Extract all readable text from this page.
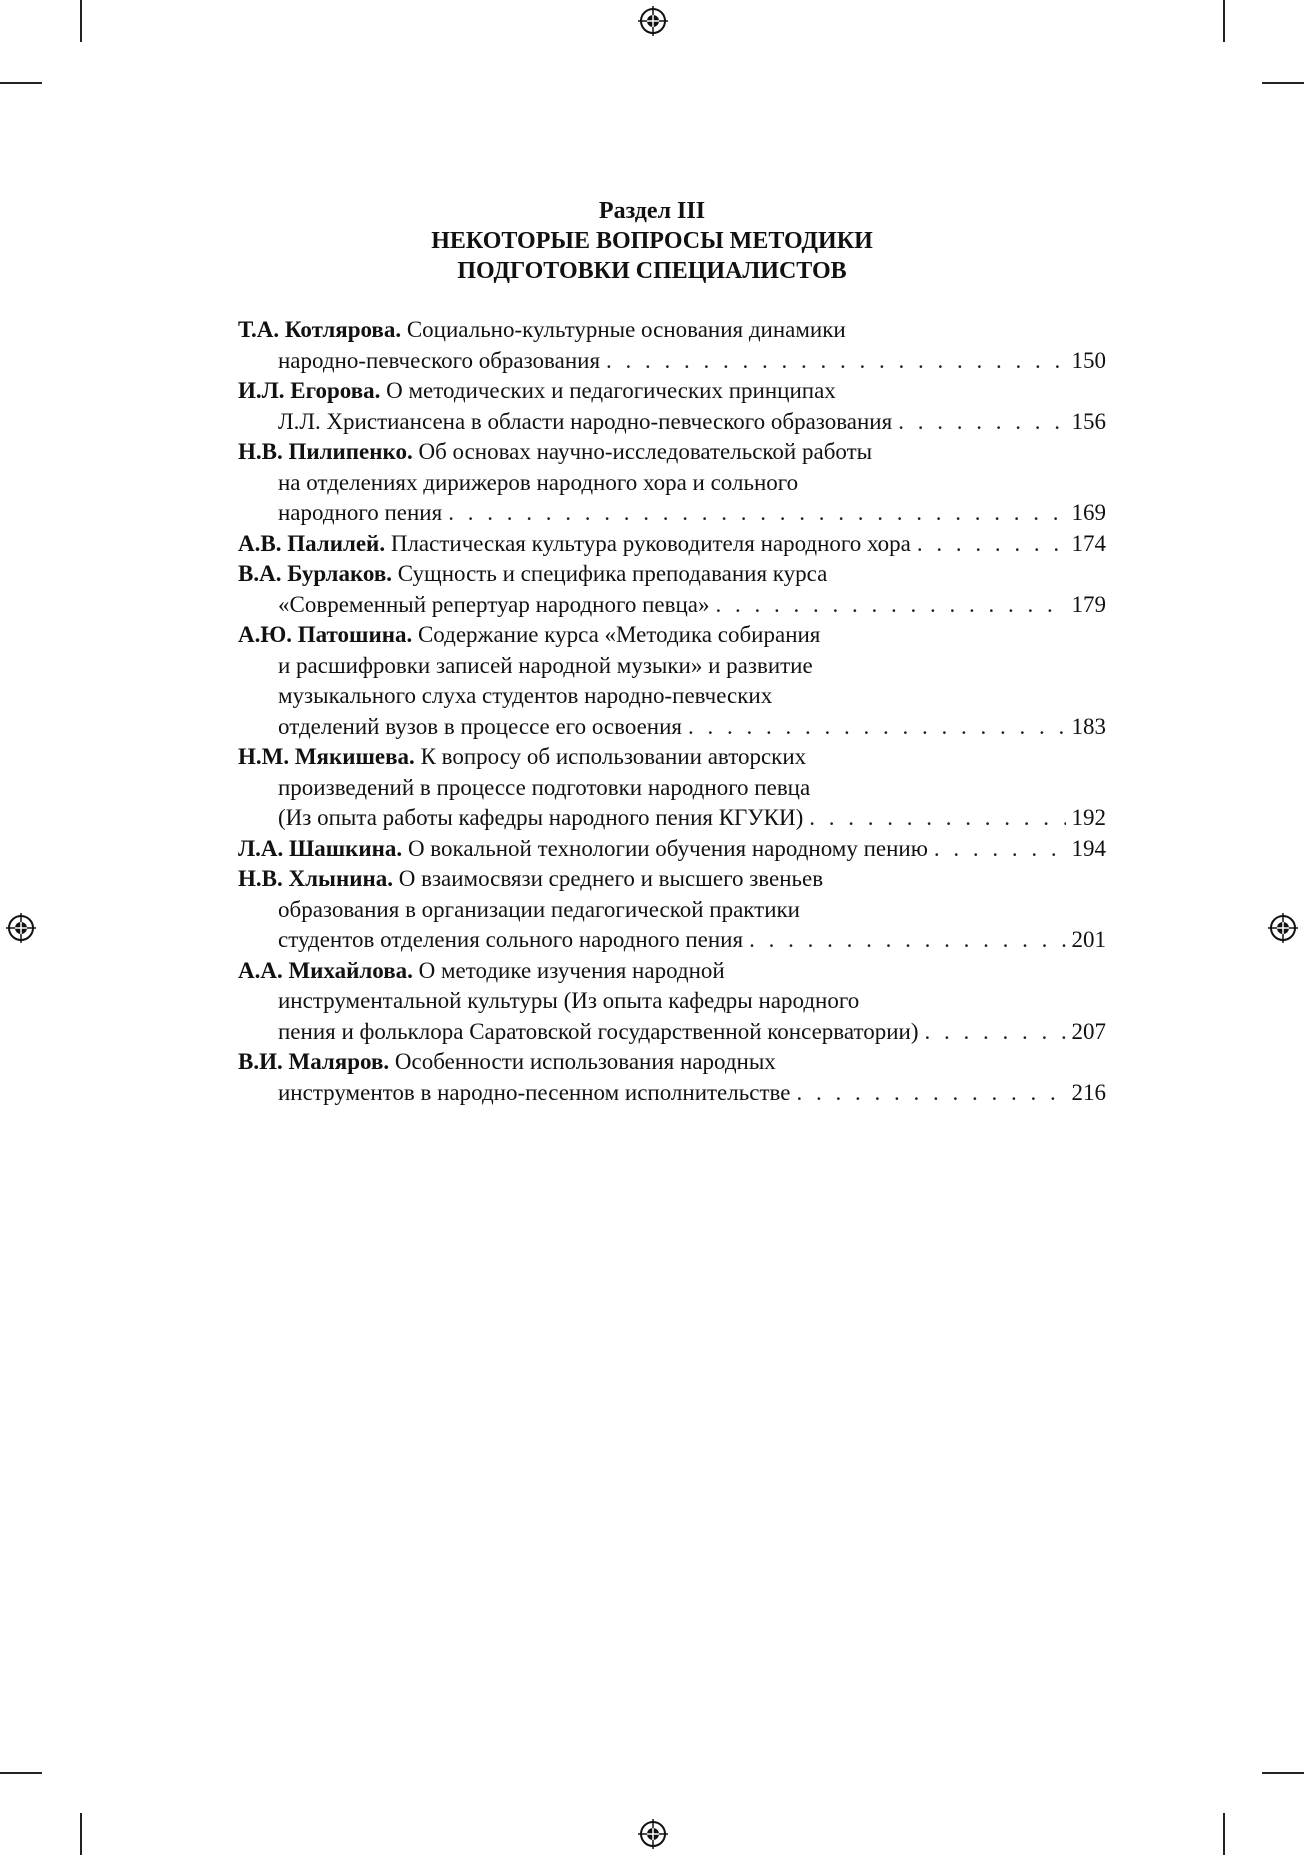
Раздел III
НЕКОТОРЫЕ ВОПРОСЫ МЕТОДИКИ
ПОДГОТОВКИ СПЕЦИАЛИСТОВ
Т.А. Котлярова.
Социально-культурные основания динамики
народно-певческого образования . . .	150
И.Л. Егорова.
О методических и педагогических принципах
Л.Л. Христиансена в области народно-певческого образования . . .	156
Н.В. Пилипенко.
Об основах научно-исследовательской работы
на отделениях дирижеров народного хора и сольного
народного пения . . .	169
А.В. Палилей.
Пластическая культура руководителя народного хора . . .	174
В.А. Бурлаков.
Сущность и специфика преподавания курса
«Современный репертуар народного певца» . . .	179
А.Ю. Патошина.
Содержание курса «Методика собирания
и расшифровки записей народной музыки» и развитие
музыкального слуха студентов народно-певческих
отделений вузов в процессе его освоения . . .	183
Н.М. Мякишева.
К вопросу об использовании авторских
произведений в процессе подготовки народного певца
(Из опыта работы кафедры народного пения КГУКИ) . . .	192
Л.А. Шашкина.
О вокальной технологии обучения народному пению . . .	194
Н.В. Хлынина.
О взаимосвязи среднего и высшего звеньев
образования в организации педагогической практики
студентов отделения сольного народного пения . . .	201
А.А. Михайлова.
О методике изучения народной
инструментальной культуры (Из опыта кафедры народного
пения и фольклора Саратовской государственной консерватории) . . .	207
В.И. Маляров.
Особенности использования народных
инструментов в народно-песенном исполнительстве . . .	216
